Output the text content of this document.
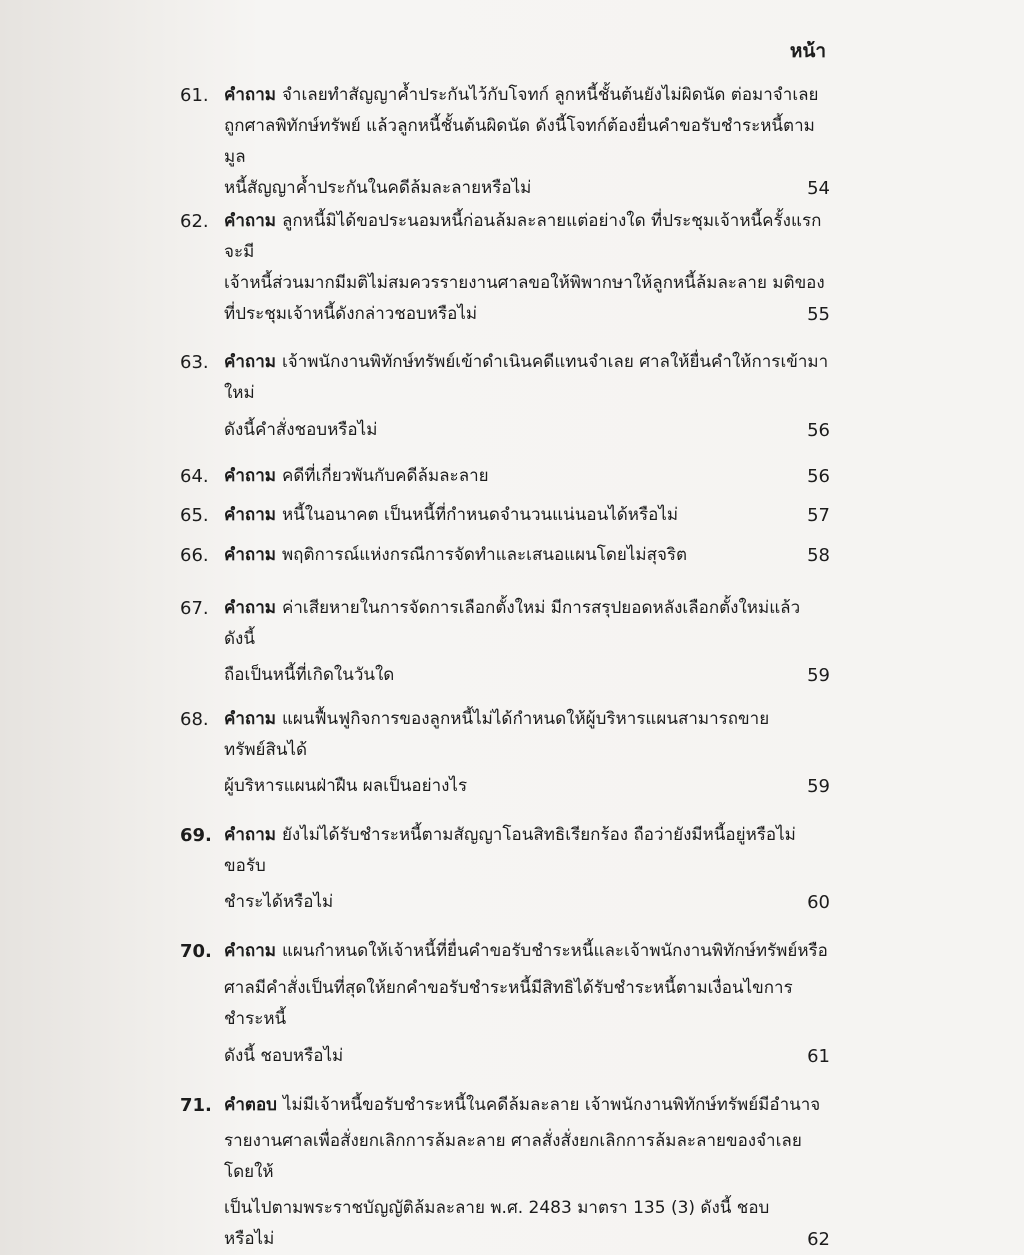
หน้า
61. คำถาม จำเลยทำสัญญาค้ำประกันไว้กับโจทก์ ลูกหนี้ชั้นต้นยังไม่ผิดนัด ต่อมาจำเลย
ถูกศาลพิทักษ์ทรัพย์ แล้วลูกหนี้ชั้นต้นผิดนัด ดังนี้โจทก์ต้องยื่นคำขอรับชำระหนี้ตามมูล
หนี้สัญญาค้ำประกันในคดีล้มละลายหรือไม่	54
62. คำถาม ลูกหนี้มิได้ขอประนอมหนี้ก่อนล้มละลายแต่อย่างใด ที่ประชุมเจ้าหนี้ครั้งแรกจะมี
เจ้าหนี้ส่วนมากมีมติไม่สมควรรายงานศาลขอให้พิพากษาให้ลูกหนี้ล้มละลาย มติของ
ที่ประชุมเจ้าหนี้ดังกล่าวชอบหรือไม่	55
63. คำถาม เจ้าพนักงานพิทักษ์ทรัพย์เข้าดำเนินคดีแทนจำเลย ศาลให้ยื่นคำให้การเข้ามาใหม่
ดังนี้คำสั่งชอบหรือไม่	56
64. คำถาม คดีที่เกี่ยวพันกับคดีล้มละลาย	56
65. คำถาม หนี้ในอนาคต เป็นหนี้ที่กำหนดจำนวนแน่นอนได้หรือไม่	57
66. คำถาม พฤติการณ์แห่งกรณีการจัดทำและเสนอแผนโดยไม่สุจริต	58
67. คำถาม ค่าเสียหายในการจัดการเลือกตั้งใหม่ มีการสรุปยอดหลังเลือกตั้งใหม่แล้ว ดังนี้
ถือเป็นหนี้ที่เกิดในวันใด	59
68. คำถาม แผนฟื้นฟูกิจการของลูกหนี้ไม่ได้กำหนดให้ผู้บริหารแผนสามารถขายทรัพย์สินได้
ผู้บริหารแผนฝ่าฝืน ผลเป็นอย่างไร	59
69. คำถาม ยังไม่ได้รับชำระหนี้ตามสัญญาโอนสิทธิเรียกร้อง ถือว่ายังมีหนี้อยู่หรือไม่ ขอรับ
ชำระได้หรือไม่	60
70. คำถาม แผนกำหนดให้เจ้าหนี้ที่ยื่นคำขอรับชำระหนี้และเจ้าพนักงานพิทักษ์ทรัพย์หรือ
ศาลมีคำสั่งเป็นที่สุดให้ยกคำขอรับชำระหนี้มีสิทธิได้รับชำระหนี้ตามเงื่อนไขการชำระหนี้
ดังนี้ ชอบหรือไม่	61
71. คำตอบ ไม่มีเจ้าหนี้ขอรับชำระหนี้ในคดีล้มละลาย เจ้าพนักงานพิทักษ์ทรัพย์มีอำนาจ
รายงานศาลเพื่อสั่งยกเลิกการล้มละลาย ศาลสั่งสั่งยกเลิกการล้มละลายของจำเลยโดยให้
เป็นไปตามพระราชบัญญัติล้มละลาย พ.ศ. 2483 มาตรา 135 (3) ดังนี้ ชอบหรือไม่	62
